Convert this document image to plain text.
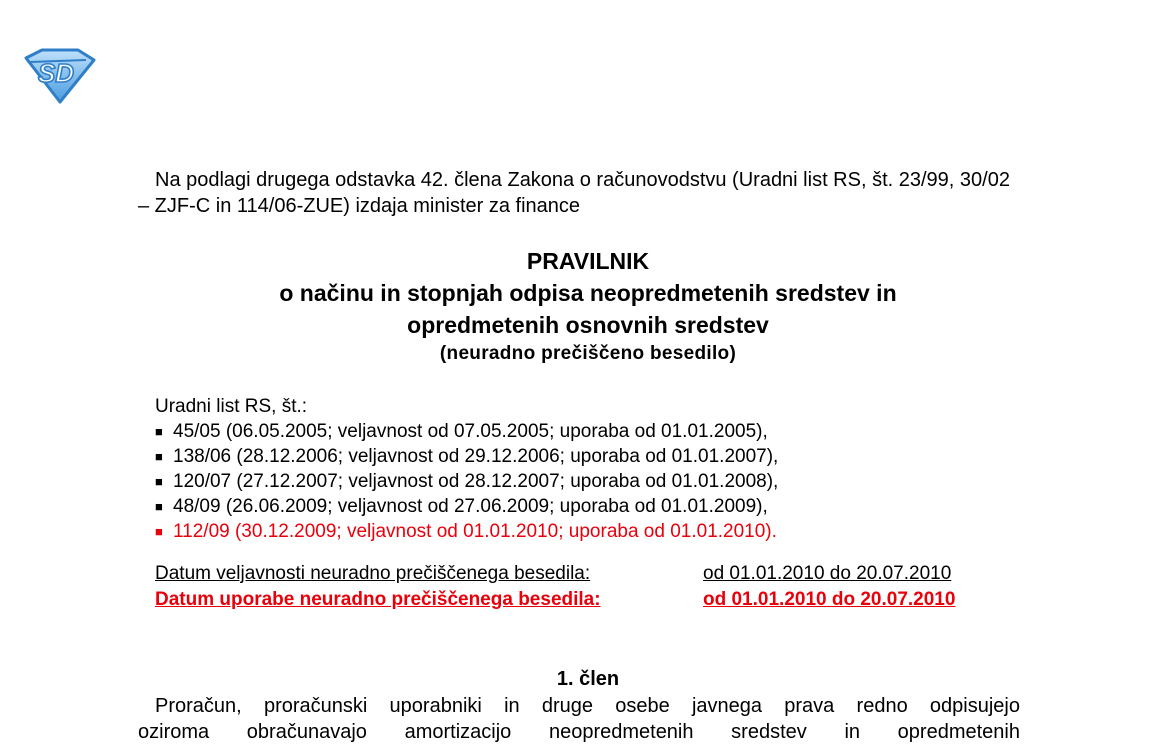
SD
Na podlagi drugega odstavka 42. člena Zakona o računovodstvu (Uradni list RS, št. 23/99, 30/02 – ZJF-C in 114/06-ZUE) izdaja minister za finance
PRAVILNIK
o načinu in stopnjah odpisa neopredmetenih sredstev in
opredmetenih osnovnih sredstev
(neuradno prečiščeno besedilo)
Uradni list RS, št.:
■ 45/05 (06.05.2005; veljavnost od 07.05.2005; uporaba od 01.01.2005),
■ 138/06 (28.12.2006; veljavnost od 29.12.2006; uporaba od 01.01.2007),
■ 120/07 (27.12.2007; veljavnost od 28.12.2007; uporaba od 01.01.2008),
■ 48/09 (26.06.2009; veljavnost od 27.06.2009; uporaba od 01.01.2009),
■ 112/09 (30.12.2009; veljavnost od 01.01.2010; uporaba od 01.01.2010).
Datum veljavnosti neuradno prečiščenega besedila:	od 01.01.2010 do 20.07.2010
Datum uporabe neuradno prečiščenega besedila:	od 01.01.2010 do 20.07.2010
1. člen
Proračun, proračunski uporabniki in druge osebe javnega prava redno odpisujejo
oziroma obračunavajo amortizacijo neopredmetenih sredstev in opredmetenih
